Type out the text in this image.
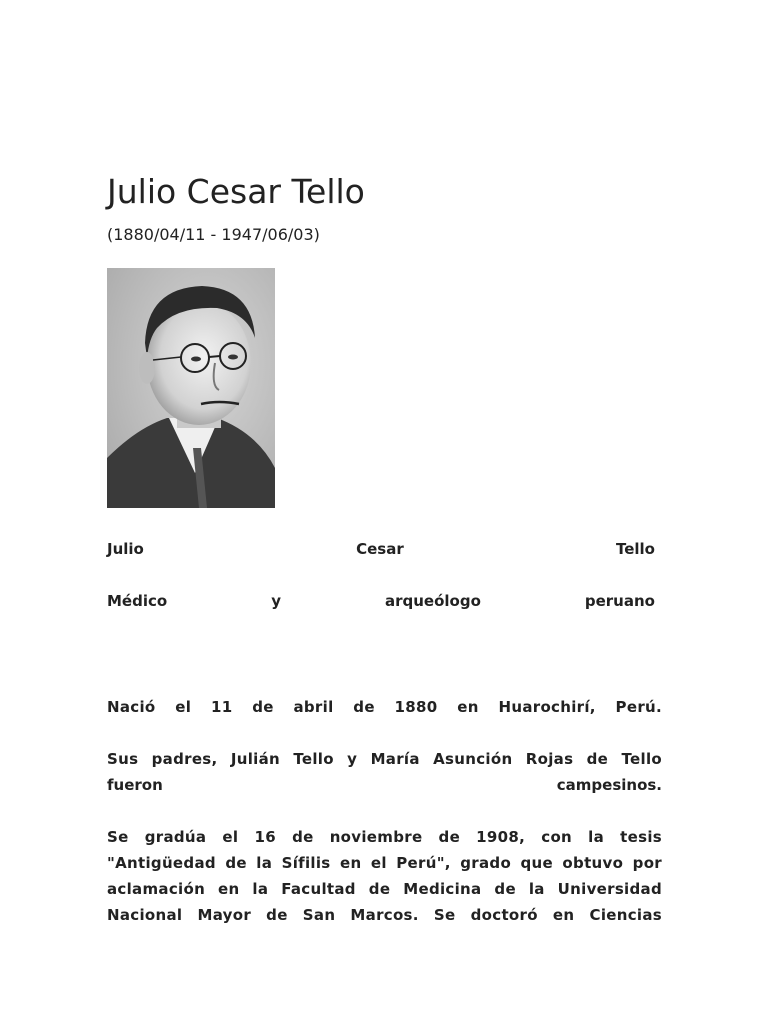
Julio Cesar Tello
(1880/04/11 - 1947/06/03)
Julio	Cesar	Tello
Médico	y	arqueólogo	peruano
Nació el 11 de abril de 1880 en Huarochirí, Perú.
Sus padres, Julián Tello y María Asunción Rojas de Tello
fueron	campesinos.
Se gradúa el 16 de noviembre de 1908, con la tesis "Antigüedad de la Sífilis en el Perú", grado que obtuvo por aclamación en la Facultad de Medicina de la Universidad Nacional Mayor de San Marcos. Se doctoró en Ciencias
